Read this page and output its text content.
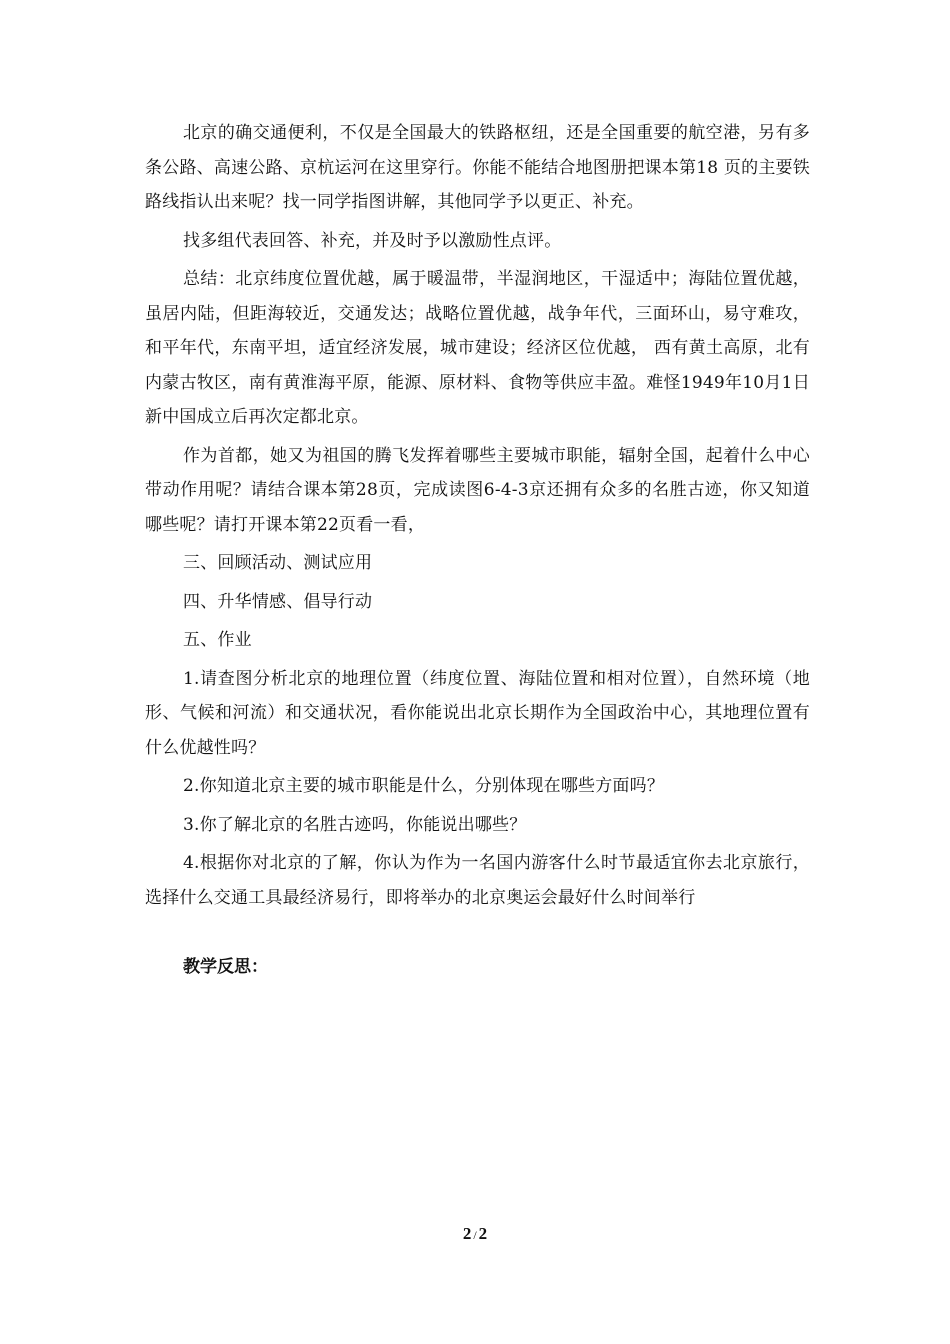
北京的确交通便利，不仅是全国最大的铁路枢纽，还是全国重要的航空港，另有多条公路、高速公路、京杭运河在这里穿行。你能不能结合地图册把课本第18 页的主要铁路线指认出来呢？找一同学指图讲解，其他同学予以更正、补充。

找多组代表回答、补充，并及时予以激励性点评。

总结：北京纬度位置优越，属于暖温带，半湿润地区，干湿适中；海陆位置优越，虽居内陆，但距海较近，交通发达；战略位置优越，战争年代，三面环山，易守难攻，和平年代，东南平坦，适宜经济发展，城市建设；经济区位优越， 西有黄土高原，北有内蒙古牧区，南有黄淮海平原，能源、原材料、食物等供应丰盈。难怪1949年10月1日新中国成立后再次定都北京。

作为首都，她又为祖国的腾飞发挥着哪些主要城市职能，辐射全国，起着什么中心带动作用呢？请结合课本第28页，完成读图6-4-3京还拥有众多的名胜古迹，你又知道哪些呢？请打开课本第22页看一看，

三、回顾活动、测试应用

四、升华情感、倡导行动

五、作业

1.请查图分析北京的地理位置（纬度位置、海陆位置和相对位置），自然环境（地形、气候和河流）和交通状况，看你能说出北京长期作为全国政治中心，其地理位置有什么优越性吗？

2.你知道北京主要的城市职能是什么，分别体现在哪些方面吗？

3.你了解北京的名胜古迹吗，你能说出哪些？

4.根据你对北京的了解，你认为作为一名国内游客什么时节最适宜你去北京旅行，选择什么交通工具最经济易行，即将举办的北京奥运会最好什么时间举行

教学反思：
2 / 2
